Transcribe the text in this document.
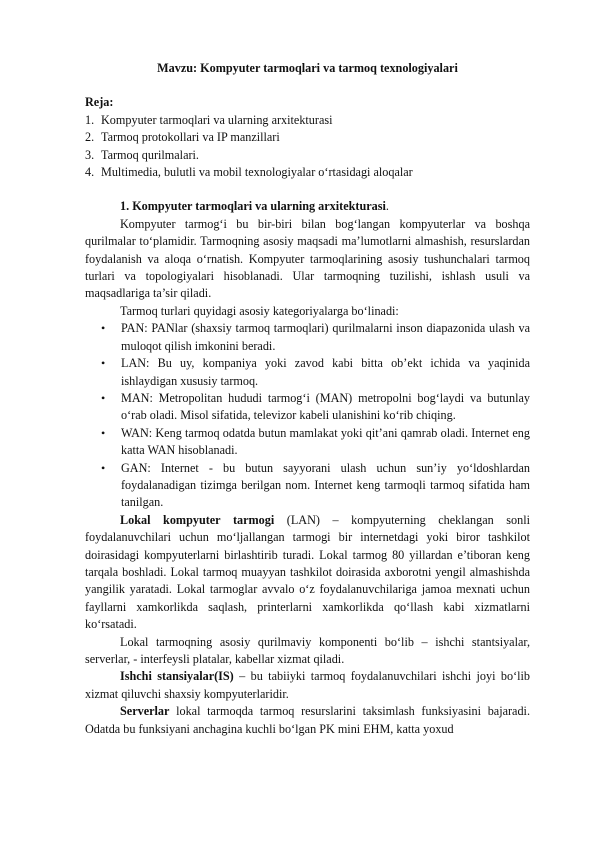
Mavzu: Kompyuter tarmoqlari va tarmoq texnologiyalari
Reja:
1. Kompyuter tarmoqlari va ularning arxitekturasi
2. Tarmoq protokollari va IP manzillari
3. Tarmoq qurilmalari.
4. Multimedia, bulutli va mobil texnologiyalar o‘rtasidagi aloqalar

1. Kompyuter tarmoqlari va ularning arxitekturasi.

Kompyuter tarmog‘i bu bir-biri bilan bog‘langan kompyuterlar va boshqa qurilmalar to‘plamidir. Tarmoqning asosiy maqsadi ma’lumotlarni almashish, resurslardan foydalanish va aloqa o‘rnatish. Kompyuter tarmoqlarining asosiy tushunchalari tarmoq turlari va topologiyalari hisoblanadi. Ular tarmoqning tuzilishi, ishlash usuli va maqsadlariga ta’sir qiladi.

Tarmoq turlari quyidagi asosiy kategoriyalarga bo‘linadi:

• PAN: PANlar (shaxsiy tarmoq tarmoqlari) qurilmalarni inson diapazonida ulash va muloqot qilish imkonini beradi.
• LAN: Bu uy, kompaniya yoki zavod kabi bitta ob’ekt ichida va yaqinida ishlaydigan xususiy tarmoq.
• MAN: Metropolitan hududi tarmog‘i (MAN) metropolni bog‘laydi va butunlay o‘rab oladi. Misol sifatida, televizor kabeli ulanishini ko‘rib chiqing.
• WAN: Keng tarmoq odatda butun mamlakat yoki qit’ani qamrab oladi. Internet eng katta WAN hisoblanadi.
• GAN: Internet - bu butun sayyorani ulash uchun sun’iy yo‘ldoshlardan foydalanadigan tizimga berilgan nom. Internet keng tarmoqli tarmoq sifatida ham tanilgan.

Lokal kompyuter tarmogi (LAN) – kompyuterning cheklangan sonli foydalanuvchilari uchun mo‘ljallangan tarmogi bir internetdagi yoki biror tashkilot doirasidagi kompyuterlarni birlashtirib turadi. Lokal tarmog 80 yillardan e’tiboran keng tarqala boshladi. Lokal tarmoq muayyan tashkilot doirasida axborotni yengil almashishda yangilik yaratadi. Lokal tarmoglar avvalo o‘z foydalanuvchilariga jamoa mexnati uchun fayllarni xamkorlikda saqlash, printerlarni xamkorlikda qo‘llash kabi xizmatlarni ko‘rsatadi.

Lokal tarmoqning asosiy qurilmaviy komponenti bo‘lib – ishchi stantsiyalar, serverlar, - interfeysli platalar, kabellar xizmat qiladi.

Ishchi stansiyalar(IS) – bu tabiiyki tarmoq foydalanuvchilari ishchi joyi bo‘lib xizmat qiluvchi shaxsiy kompyuterlaridir.

Serverlar lokal tarmoqda tarmoq resurslarini taksimlash funksiyasini bajaradi. Odatda bu funksiyani anchagina kuchli bo‘lgan PK mini EHM, katta yoxud
